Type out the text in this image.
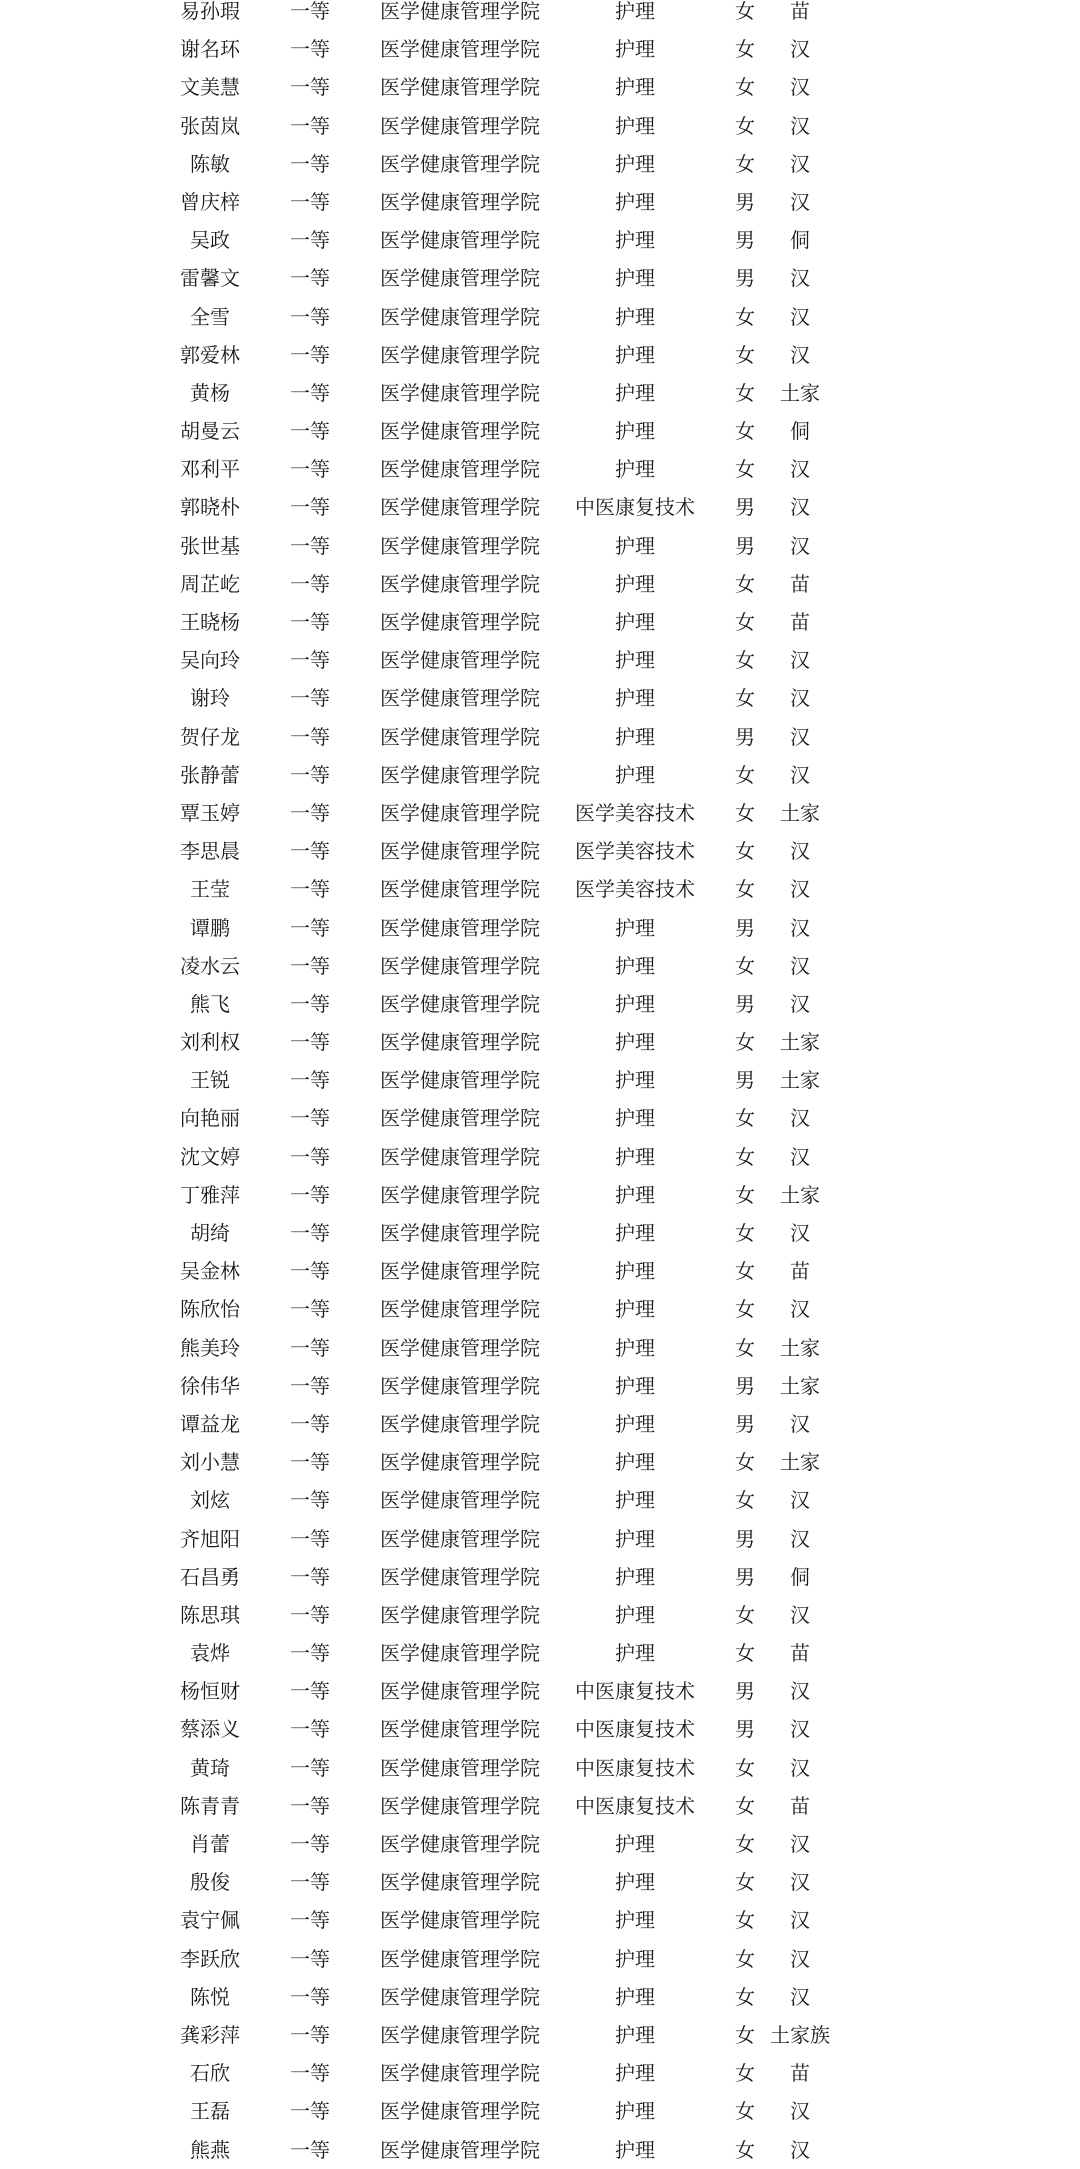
易孙瑕	一等	医学健康管理学院	护理	女	苗
谢名环	一等	医学健康管理学院	护理	女	汉
文美慧	一等	医学健康管理学院	护理	女	汉
张茵岚	一等	医学健康管理学院	护理	女	汉
陈敏	一等	医学健康管理学院	护理	女	汉
曾庆梓	一等	医学健康管理学院	护理	男	汉
吴政	一等	医学健康管理学院	护理	男	侗
雷馨文	一等	医学健康管理学院	护理	男	汉
全雪	一等	医学健康管理学院	护理	女	汉
郭爱林	一等	医学健康管理学院	护理	女	汉
黄杨	一等	医学健康管理学院	护理	女	土家
胡曼云	一等	医学健康管理学院	护理	女	侗
邓利平	一等	医学健康管理学院	护理	女	汉
郭晓朴	一等	医学健康管理学院	中医康复技术	男	汉
张世基	一等	医学健康管理学院	护理	男	汉
周芷屹	一等	医学健康管理学院	护理	女	苗
王晓杨	一等	医学健康管理学院	护理	女	苗
吴向玲	一等	医学健康管理学院	护理	女	汉
谢玲	一等	医学健康管理学院	护理	女	汉
贺仔龙	一等	医学健康管理学院	护理	男	汉
张静蕾	一等	医学健康管理学院	护理	女	汉
覃玉婷	一等	医学健康管理学院	医学美容技术	女	土家
李思晨	一等	医学健康管理学院	医学美容技术	女	汉
王莹	一等	医学健康管理学院	医学美容技术	女	汉
谭鹏	一等	医学健康管理学院	护理	男	汉
凌水云	一等	医学健康管理学院	护理	女	汉
熊飞	一等	医学健康管理学院	护理	男	汉
刘利权	一等	医学健康管理学院	护理	女	土家
王锐	一等	医学健康管理学院	护理	男	土家
向艳丽	一等	医学健康管理学院	护理	女	汉
沈文婷	一等	医学健康管理学院	护理	女	汉
丁雅萍	一等	医学健康管理学院	护理	女	土家
胡绮	一等	医学健康管理学院	护理	女	汉
吴金林	一等	医学健康管理学院	护理	女	苗
陈欣怡	一等	医学健康管理学院	护理	女	汉
熊美玲	一等	医学健康管理学院	护理	女	土家
徐伟华	一等	医学健康管理学院	护理	男	土家
谭益龙	一等	医学健康管理学院	护理	男	汉
刘小慧	一等	医学健康管理学院	护理	女	土家
刘炫	一等	医学健康管理学院	护理	女	汉
齐旭阳	一等	医学健康管理学院	护理	男	汉
石昌勇	一等	医学健康管理学院	护理	男	侗
陈思琪	一等	医学健康管理学院	护理	女	汉
袁烨	一等	医学健康管理学院	护理	女	苗
杨恒财	一等	医学健康管理学院	中医康复技术	男	汉
蔡添义	一等	医学健康管理学院	中医康复技术	男	汉
黄琦	一等	医学健康管理学院	中医康复技术	女	汉
陈青青	一等	医学健康管理学院	中医康复技术	女	苗
肖蕾	一等	医学健康管理学院	护理	女	汉
殷俊	一等	医学健康管理学院	护理	女	汉
袁宁佩	一等	医学健康管理学院	护理	女	汉
李跃欣	一等	医学健康管理学院	护理	女	汉
陈悦	一等	医学健康管理学院	护理	女	汉
龚彩萍	一等	医学健康管理学院	护理	女 土家族
石欣	一等	医学健康管理学院	护理	女	苗
王磊	一等	医学健康管理学院	护理	女	汉
熊燕	一等	医学健康管理学院	护理	女	汉
